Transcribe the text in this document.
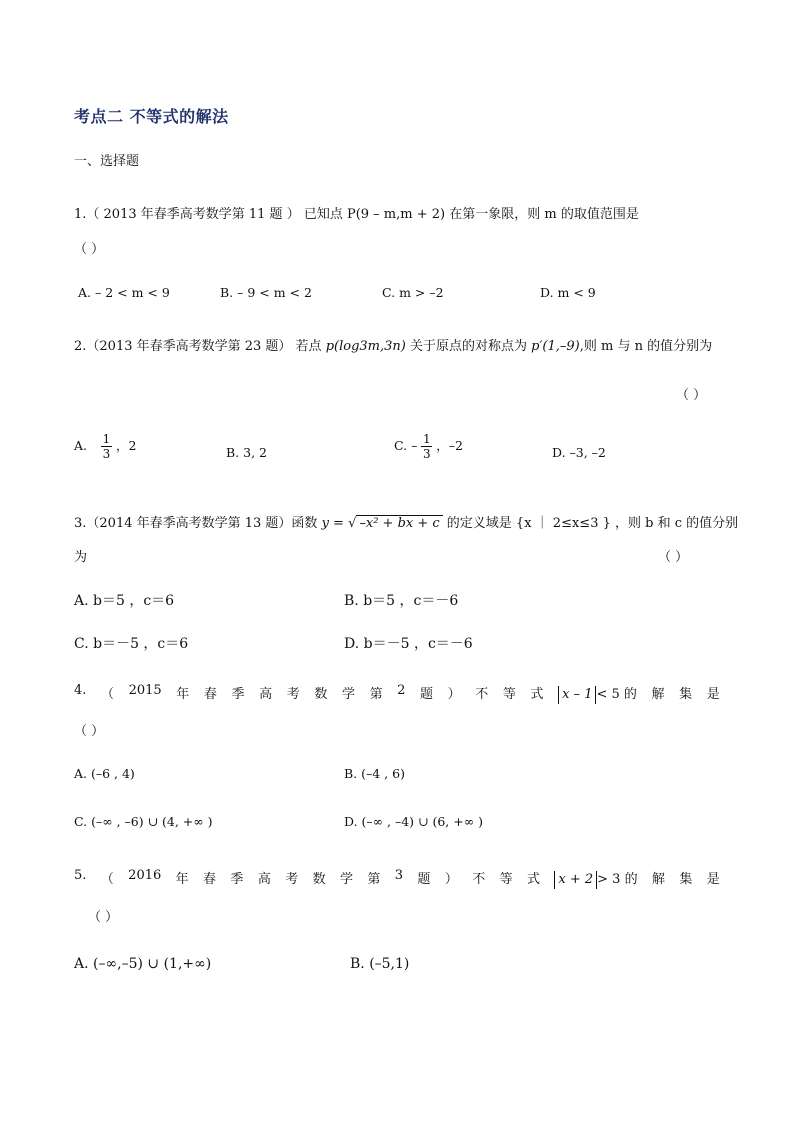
考点二 不等式的解法
一、选择题
1.（ 2013 年春季高考数学第 11 题 ） 已知点 P(9 – m,m + 2) 在第一象限，则 m 的取值范围是
（ ）
A. – 2 < m < 9	B. – 9 < m < 2	C. m > –2	D. m < 9
2.（2013 年春季高考数学第 23 题） 若点 p(log3m,3n) 关于原点的对称点为 p′(1,–9),则 m 与 n 的值分别为
（ ）
A. $\frac{1}{3}$ ，2	B. 3, 2	C. – $\frac{1}{3}$ ，–2	D. –3, –2
3.（2014 年春季高考数学第 13 题）函数 y = √ –x² + bx + c 的定义域是 {x ｜ 2≤x≤3 } ，则 b 和 c 的值分别
为	（ ）
A. b＝5 ，c＝6	B. b＝5 ，c＝－6
C. b＝－5 ，c＝6	D. b＝－5 ，c＝－6
4. （ 2015 年 春 季 高 考 数 学 第 2 题 ） 不 等 式	x – 1 < 5 的 解 集 是
（ ）
A. (–6 , 4)	B. (–4 , 6)
C. (–∞ , –6) ∪ (4, +∞ )	D. (–∞ , –4) ∪ (6, +∞ )
5. （ 2016 年 春 季 高 考 数 学 第 3 题 ） 不 等 式	x + 2 > 3 的 解 集 是
（ ）
A. (–∞,–5) ∪ (1,+∞)	B. (–5,1)
